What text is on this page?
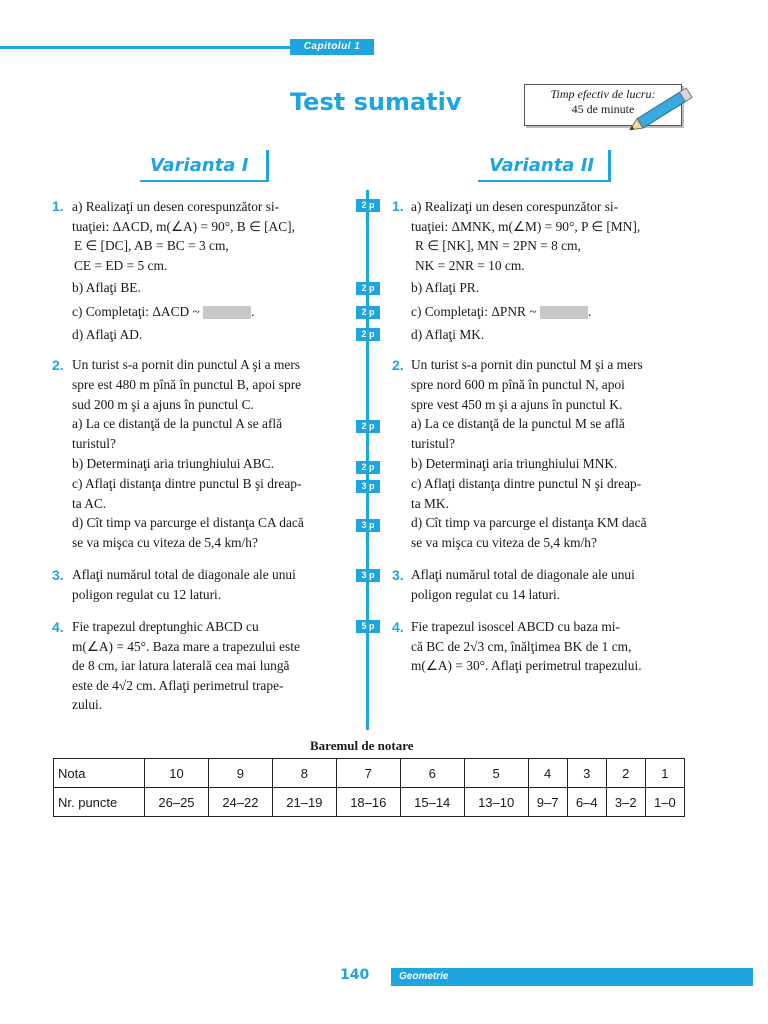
Capitolul 1
Test sumativ	Timp efectiv de lucru:
45 de minute
Varianta I	Varianta II
2 p
2 p
2 p
2 p
2 p
2 p
3 p
3 p
3 p
5 p
1. a) Realizaţi un desen corespunzător si-
tuaţiei: ΔACD, m(∠A) = 90°, B ∈ [AC],
E ∈ [DC], AB = BC = 3 cm,
CE = ED = 5 cm.
b) Aflaţi BE.
c) Completaţi: ΔACD ~	.
d) Aflaţi AD.
2. Un turist s-a pornit din punctul A şi a mers
spre est 480 m pînă în punctul B, apoi spre
sud 200 m şi a ajuns în punctul C.
a) La ce distanţă de la punctul A se află
turistul?
b) Determinaţi aria triunghiului ABC.
c) Aflaţi distanţa dintre punctul B şi dreap-
ta AC.
d) Cît timp va parcurge el distanţa CA dacă
se va mişca cu viteza de 5,4 km/h?
3. Aflaţi numărul total de diagonale ale unui
poligon regulat cu 12 laturi.
4. Fie trapezul dreptunghic ABCD cu
m(∠A) = 45°. Baza mare a trapezului este
de 8 cm, iar latura laterală cea mai lungă
este de 4√2 cm. Aflaţi perimetrul trape-
zului.
1. a) Realizaţi un desen corespunzător si-
tuaţiei: ΔMNK, m(∠M) = 90°, P ∈ [MN],
R ∈ [NK], MN = 2PN = 8 cm,
NK = 2NR = 10 cm.
b) Aflaţi PR.
c) Completaţi: ΔPNR ~	.
d) Aflaţi MK.
2. Un turist s-a pornit din punctul M şi a mers
spre nord 600 m pînă în punctul N, apoi
spre vest 450 m şi a ajuns în punctul K.
a) La ce distanţă de la punctul M se află
turistul?
b) Determinaţi aria triunghiului MNK.
c) Aflaţi distanţa dintre punctul N şi dreap-
ta MK.
d) Cît timp va parcurge el distanţa KM dacă
se va mişca cu viteza de 5,4 km/h?
3. Aflaţi numărul total de diagonale ale unui
poligon regulat cu 14 laturi.
4. Fie trapezul isoscel ABCD cu baza mi-
că BC de 2√3 cm, înălţimea BK de 1 cm,
m(∠A) = 30°. Aflaţi perimetrul trapezului.
Baremul de notare
Nota	10	9	8	7	6	5	4	3	2	1
Nr. puncte	26–25	24–22	21–19	18–16	15–14	13–10	9–7	6–4	3–2	1–0
140	Geometrie
